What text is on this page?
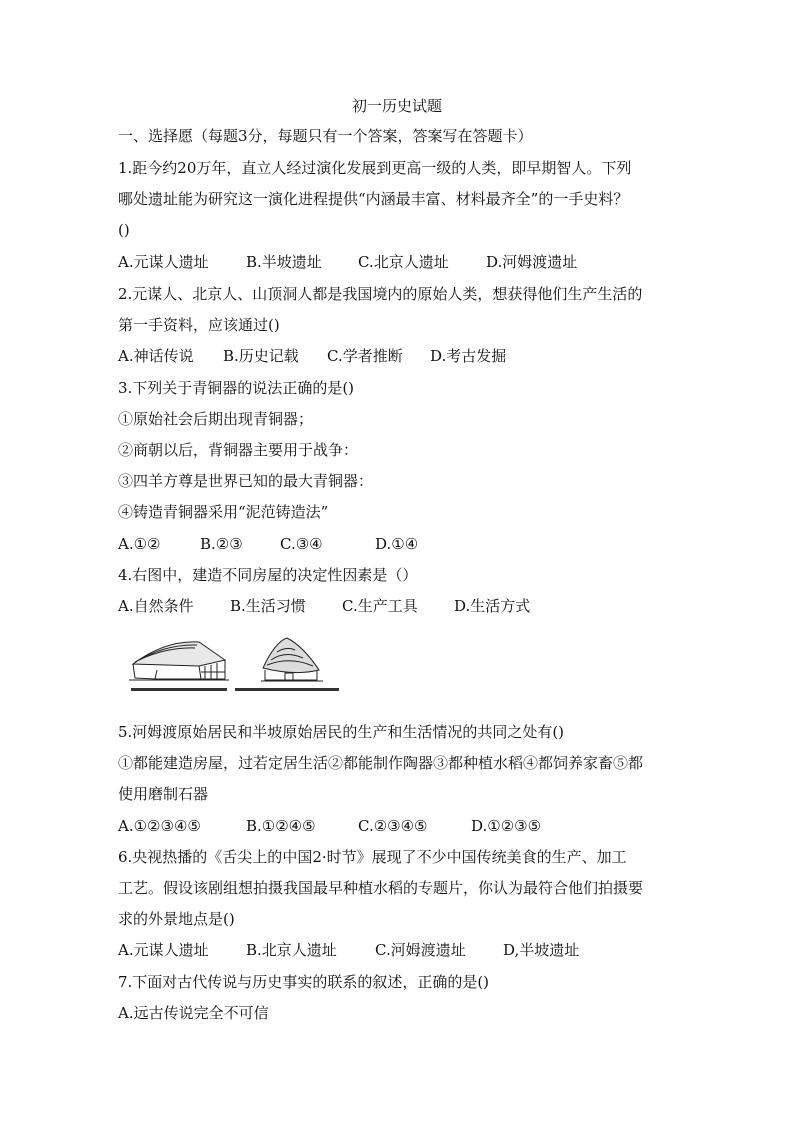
初一历史试题
一、选择愿（每题3分，每题只有一个答案，答案写在答题卡）
1.距今约20万年，直立人经过演化发展到更高一级的人类，即早期智人。下列
哪处遗址能为研究这一演化进程提供“内涵最丰富、材料最齐全”的一手史料？
()
A.元谋人遗址 B.半坡遗址 C.北京人遗址 D.河姆渡遗址
2.元谋人、北京人、山顶洞人都是我国境内的原始人类，想获得他们生产生活的
第一手资料，应该通过()
A.神话传说 B.历史记载 C.学者推断 D.考古发掘
3.下列关于青铜器的说法正确的是()
①原始社会后期出现青铜器；
②商朝以后，背铜器主要用于战争：
③四羊方尊是世界已知的最大青铜器：
④铸造青铜器采用“泥范铸造法”
A.①②	B.②③ C.③④	D.①④
4.右图中，建造不同房屋的决定性因素是（）
A.自然条件 B.生活习惯 C.生产工具 D.生活方式
5.河姆渡原始居民和半坡原始居民的生产和生活情况的共同之处有()
①都能建造房屋，过若定居生活②都能制作陶器③都种植水稻④都饲养家畜⑤都
使用磨制石器
A.①②③④⑤	B.①②④⑤	C.②③④⑤	D.①②③⑤
6.央视热播的《舌尖上的中国2·时节》展现了不少中国传统美食的生产、加工
工艺。假设该剧组想拍摄我国最早种植水稻的专题片，你认为最符合他们拍摄要
求的外景地点是()
A.元谋人遗址 B.北京人遗址	C.河姆渡遗址 D,半坡遗址
7.下面对古代传说与历史事实的联系的叙述，正确的是()
A.远古传说完全不可信
